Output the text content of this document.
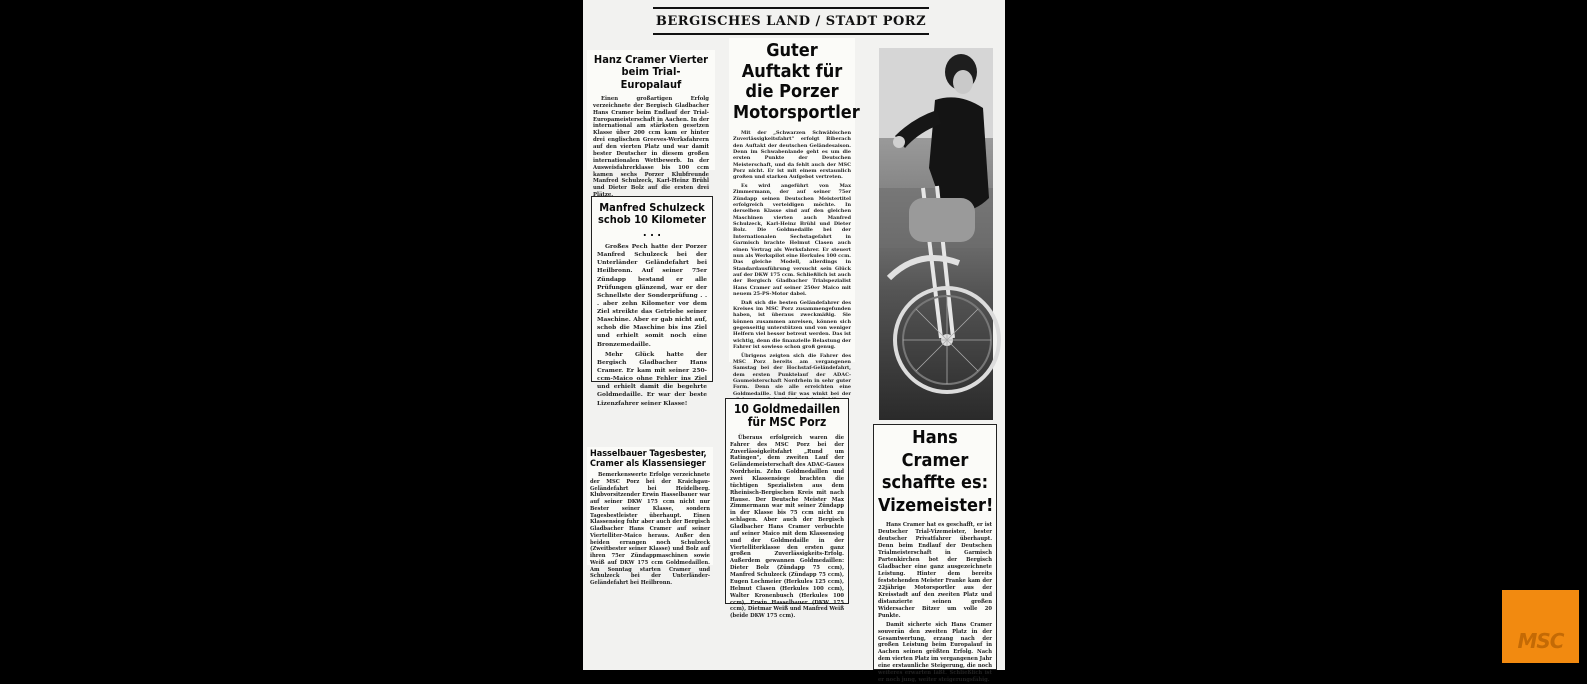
BERGISCHES LAND / STADT PORZ
Hanz Cramer Vierter beim Trial-Europalauf

Einen großartigen Erfolg verzeichnete der Bergisch Gladbacher Hans Cramer beim Endlauf der Trial-Europameisterschaft in Aachen. In der international am stärksten gesetzen Klasse über 200 ccm kam er hinter drei englischen Greeves-Werksfahrern auf den vierten Platz und war damit bester Deutscher in diesem großen internationalen Wettbewerb. In der Ausweisfahrerklasse bis 100 ccm kamen sechs Porzer Klubfreunde Manfred Schulzeck, Karl-Heinz Brühl und Dieter Bolz auf die ersten drei

Manfred Schulzeck schob 10 Kilometer . . .

Großes Pech hatte der Porzer Manfred Schulzeck bei der Unterländer Geländefahrt bei Heilbronn. Auf seiner 75er Zündapp bestand er alle Prüfungen glänzend, war er der Schnellste der Sonderprüfung . . . aber zehn Kilometer vor dem Ziel streikte das Getriebe seiner Maschine. Aber er gab nicht auf, schob die Maschine bis ins Ziel und erhielt somit noch eine Bronzemedaille.

Mehr Glück hatte der Bergisch Gladbacher Hans Cramer. Er kam mit seiner 250-ccm-Maico ohne Fehler ins Ziel und erhielt damit die begehrte Goldmedaille. Er war der beste Lizenzfahrer seiner Klasse!

Hasselbauer Tagesbester, Cramer als Klassensieger

Bemerkenswerte Erfolge verzeichnete der MSC Porz bei der Kraichgau-Geländefahrt bei Heidelberg. Klubvorsitzender Erwin Hasselbauer war auf seiner DKW 175 ccm nicht nur Bester seiner Klasse, sondern Tagesbestleister überhaupt. Einen Klassensieg fuhr aber auch der Bergisch Gladbacher Hans Cramer auf seiner Viertelliter-Maico heraus. Außer den beiden errangen noch Schulzeck (Zweitbester seiner Klasse) und Bolz auf ihren 75er Zündappmaschinen sowie Weiß auf DKW 175 ccm Goldmedaillen. Am Sonntag starten Cramer und Schulzeck bei der Unterländer-Geländefahrt bei Heilbronn.

Guter Auftakt für die Porzer Motorsportler

Mit der „Schwarzen Schwäbischen Zuverlässigkeitsfahrt" erfolgt Biberach den Auftakt der deutschen Geländesaison. Denn im Schwabenlande geht es um die ersten Punkte der Deutschen Meisterschaft, und da fehlt auch der MSC Porz nicht. Er ist mit einem erstaunlich großen und starken Aufgebot vertreten.

Es wird angeführt von Max Zimmermann, der auf seiner 75er Zündapp seinen Deutschen Meistertitel erfolgreich verteidigen möchte. In derselben Klasse sind auf den gleichen Maschinen vierten auch Manfred Schulzeck, Karl-Heinz Brühl und Dieter Bolz. Die Goldmedaille bei der Internationalen Sechstagefahrt in Garmisch brachte Helmut Clasen auch einen Vertrag als Werksfahrer. Er steuert nun als Werkspilot eine Herkules 100 ccm. Das gleiche Modell, allerdings in Standardausführung versucht sein Glück auf der DKW 175 ccm. Schließlich ist auch der Bergisch Gladbacher Trialspezialist Hans Cramer auf seiner 250er Maico mit neuem 25-PS-Motor dabei.

Daß sich die besten Geländefahrer des Kreises im MSC Porz zusammengefunden haben, ist überaus zweckmäßig. Sie können zusammen anreisen, können sich gegenseitig unterstützen und von weniger Helfern viel besser betreut werden. Das ist wichtig, denn die finanzielle Belastung der Fahrer ist sowieso schon groß genug.

Übrigens zeigten sich die Fahrer des MSC Porz bereits am vergangenen Samstag bei der Hochstaf-Geländefahrt, dem ersten Punktelauf der ADAC-Gaumeisterschaft Nordrhein in sehr guter Form. Denn sie alle erreichten eine Goldmedaille. Und für was winkt bei der

10 Goldmedaillen für MSC Porz

Überaus erfolgreich waren die Fahrer des MSC Porz bei der Zuverlässigkeitsfahrt „Rund um Ratingen", dem zweiten Lauf der Geländemeisterschaft des ADAC-Gaues Nordrhein. Zehn Goldmedaillen und zwei Klassensiege brachten die tüchtigen Spezialisten aus dem Rheinisch-Bergischen Kreis mit nach Hause. Der Deutsche Meister Max Zimmermann war mit seiner Zündapp in der Klasse bis 75 ccm nicht zu schlagen. Aber auch der Bergisch Gladbacher Hans Cramer verbuchte auf seiner Maico mit dem Klassensieg und der Goldmedaille in der Viertelliterklasse den ersten ganz großen Zuverlässigkeits-Erfolg. Außerdem gewannen Goldmedaillen: Dieter Bolz (Zündapp 75 ccm), Manfred Schulzeck (Zündapp 75 ccm), Eugen Lochmeier (Herkules 125 ccm), Helmut Clasen (Herkules 100 ccm), Walter Kronenbusch (Herkules 100 ccm), Erwin Hasselbauer (DKW 175 ccm), Dietmar Weiß und Manfred Weiß (beide DKW 175 ccm).

Hans Cramer schaffte es: Vizemeister!

Hans Cramer hat es geschafft, er ist Deutscher Trial-Vizemeister, bester deutscher Privatfahrer überhaupt. Denn beim Endlauf der Deutschen Trialmeisterschaft in Garmisch Partenkirchen bot der Bergisch Gladbacher eine ganz ausgezeichnete Leistung. Hinter dem bereits feststehenden Meister Franke kam der 22jährige Motorsportler aus der Kreisstadt auf den zweiten Platz und distanzierte seinen großen Widersacher Bitzer um volle 20 Punkte.

Damit sicherte sich Hans Cramer souverän den zweiten Platz in der Gesamtwertung, erzang nach der großen Leistung beim Europalauf in Aachen seinen größten Erfolg. Nach dem vierten Platz im vergangenen Jahr eine erstaunliche Steigerung, die noch weiteres erwarten läßt. Schließlich ist er noch jung, weiter steigerungsfähig.

MSC
